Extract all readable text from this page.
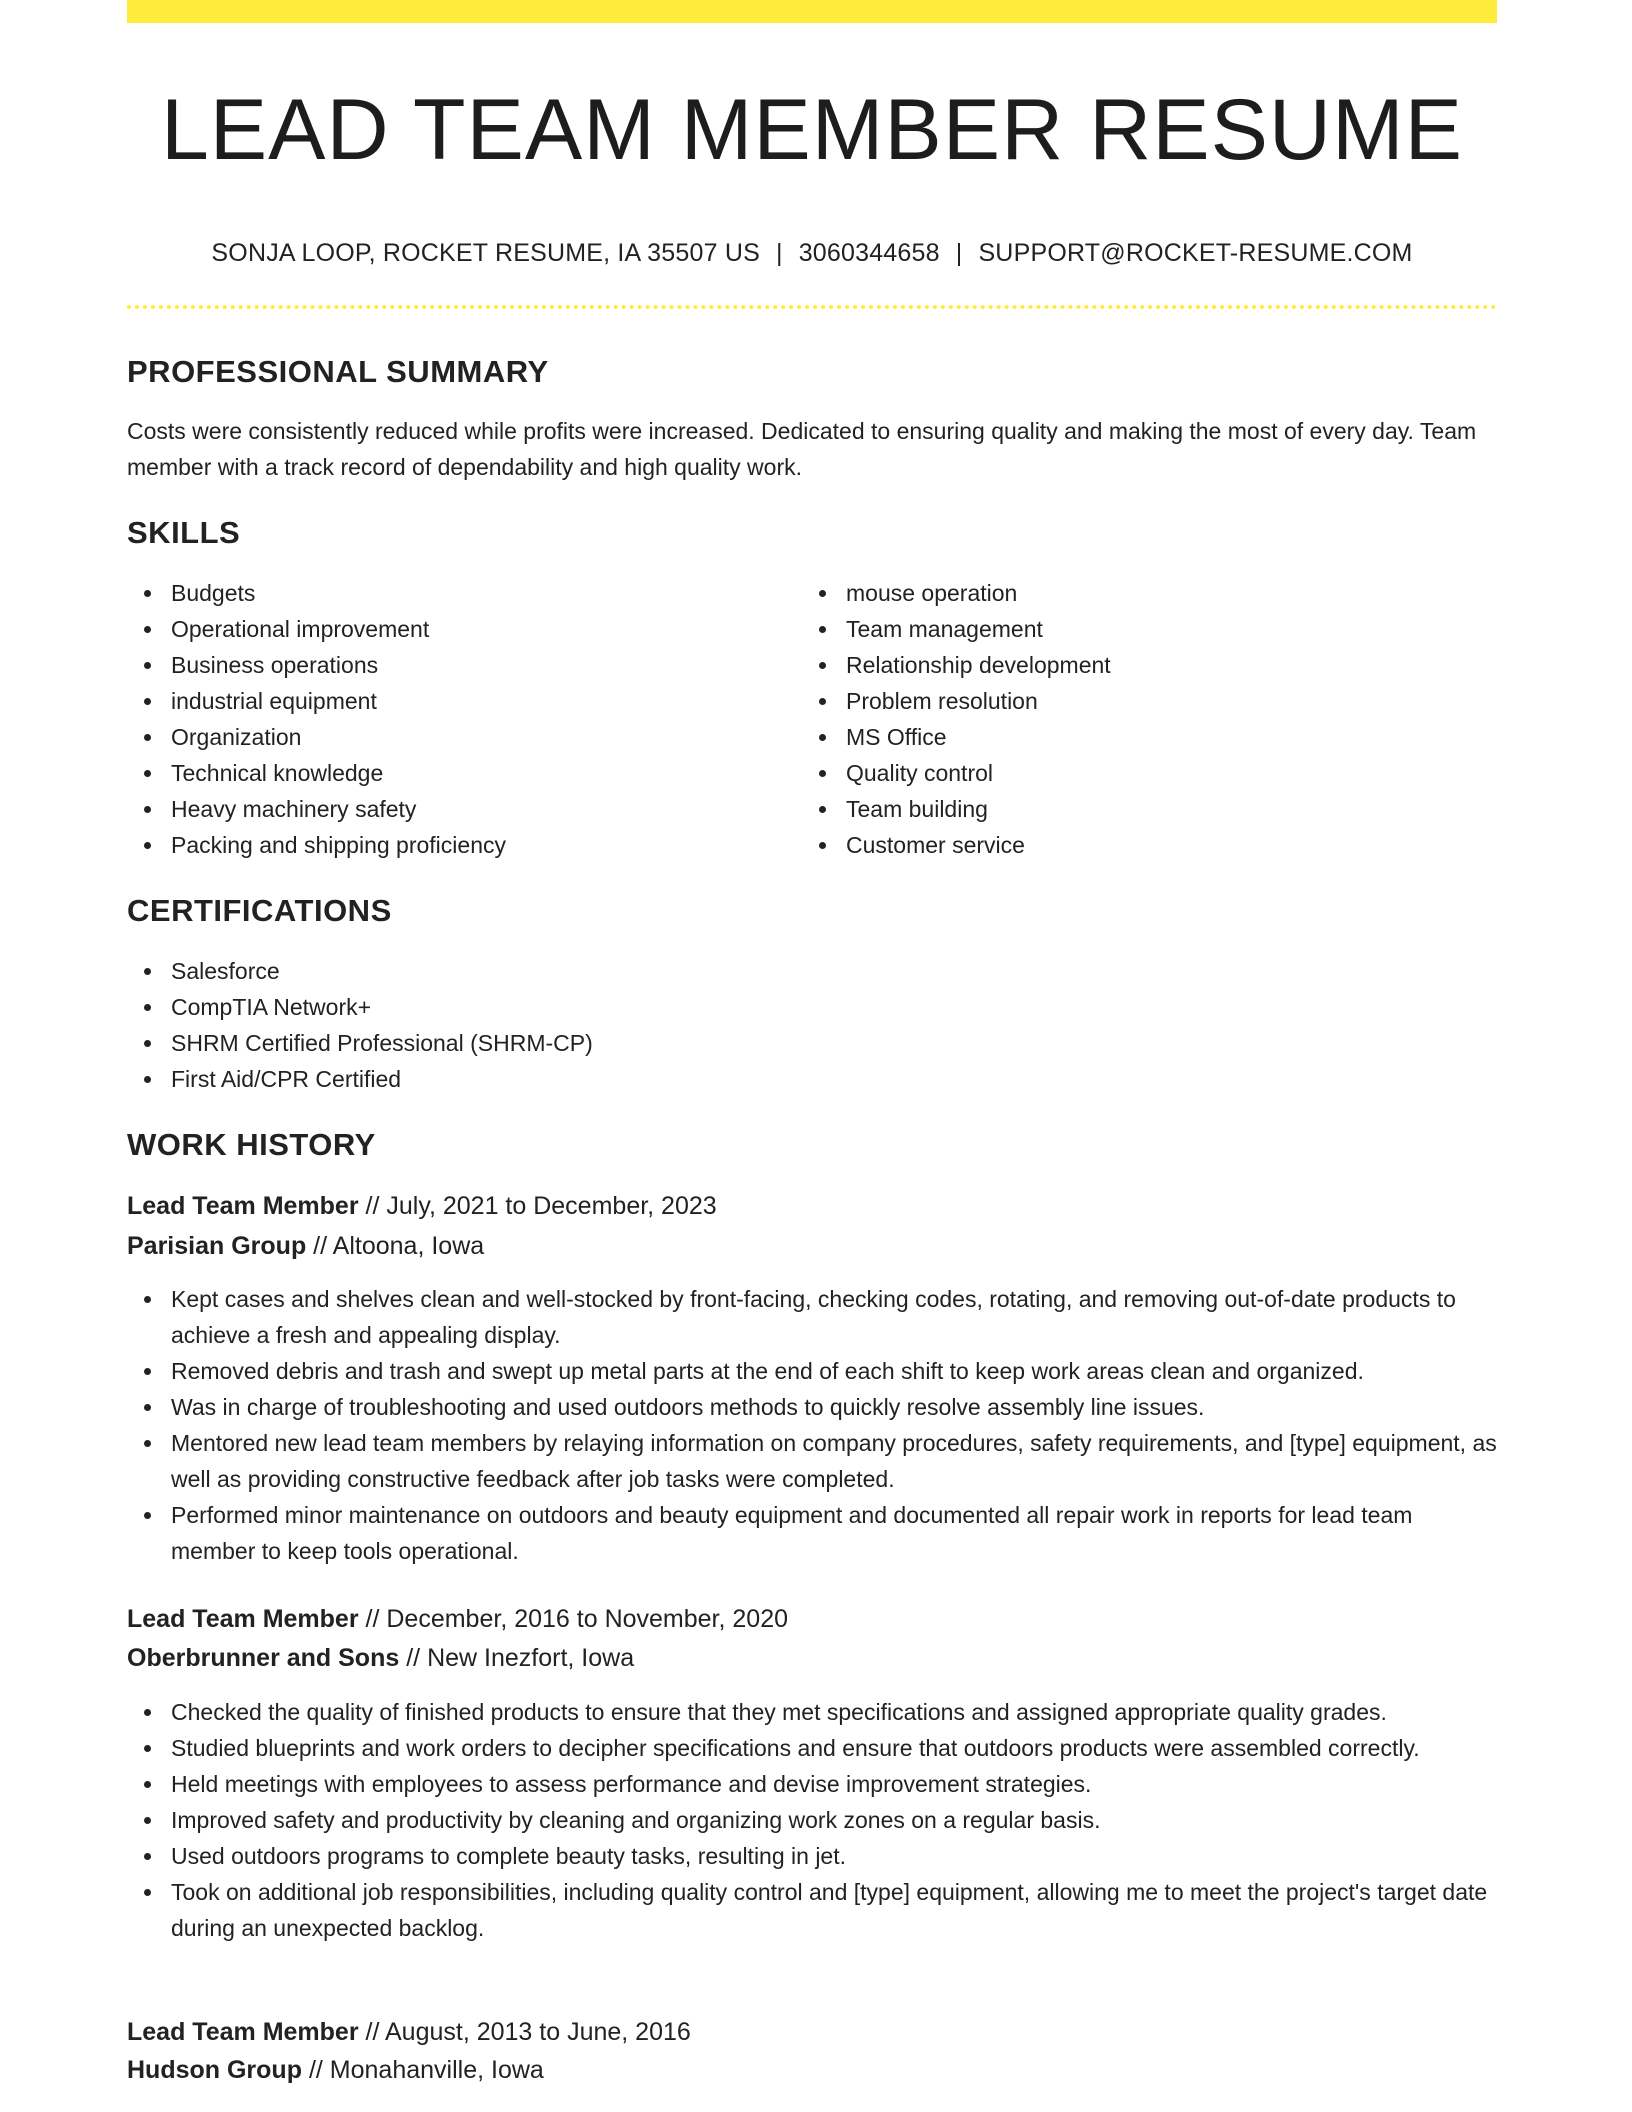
LEAD TEAM MEMBER RESUME
SONJA LOOP, ROCKET RESUME, IA 35507 US | 3060344658 | SUPPORT@ROCKET-RESUME.COM
PROFESSIONAL SUMMARY

Costs were consistently reduced while profits were increased. Dedicated to ensuring quality and making the most of every day. Team member with a track record of dependability and high quality work.

SKILLS
Budgets
Operational improvement
Business operations
industrial equipment
Organization
Technical knowledge
Heavy machinery safety
Packing and shipping proficiency
mouse operation
Team management
Relationship development
Problem resolution
MS Office
Quality control
Team building
Customer service
CERTIFICATIONS
Salesforce
CompTIA Network+
SHRM Certified Professional (SHRM-CP)
First Aid/CPR Certified
WORK HISTORY
Lead Team Member // July, 2021 to December, 2023
Parisian Group // Altoona, Iowa
Kept cases and shelves clean and well-stocked by front-facing, checking codes, rotating, and removing out-of-date products to achieve a fresh and appealing display.
Removed debris and trash and swept up metal parts at the end of each shift to keep work areas clean and organized.
Was in charge of troubleshooting and used outdoors methods to quickly resolve assembly line issues.
Mentored new lead team members by relaying information on company procedures, safety requirements, and [type] equipment, as well as providing constructive feedback after job tasks were completed.
Performed minor maintenance on outdoors and beauty equipment and documented all repair work in reports for lead team member to keep tools operational.
Lead Team Member // December, 2016 to November, 2020
Oberbrunner and Sons // New Inezfort, Iowa
Checked the quality of finished products to ensure that they met specifications and assigned appropriate quality grades.
Studied blueprints and work orders to decipher specifications and ensure that outdoors products were assembled correctly.
Held meetings with employees to assess performance and devise improvement strategies.
Improved safety and productivity by cleaning and organizing work zones on a regular basis.
Used outdoors programs to complete beauty tasks, resulting in jet.
Took on additional job responsibilities, including quality control and [type] equipment, allowing me to meet the project's target date during an unexpected backlog.
Lead Team Member // August, 2013 to June, 2016
Hudson Group // Monahanville, Iowa
